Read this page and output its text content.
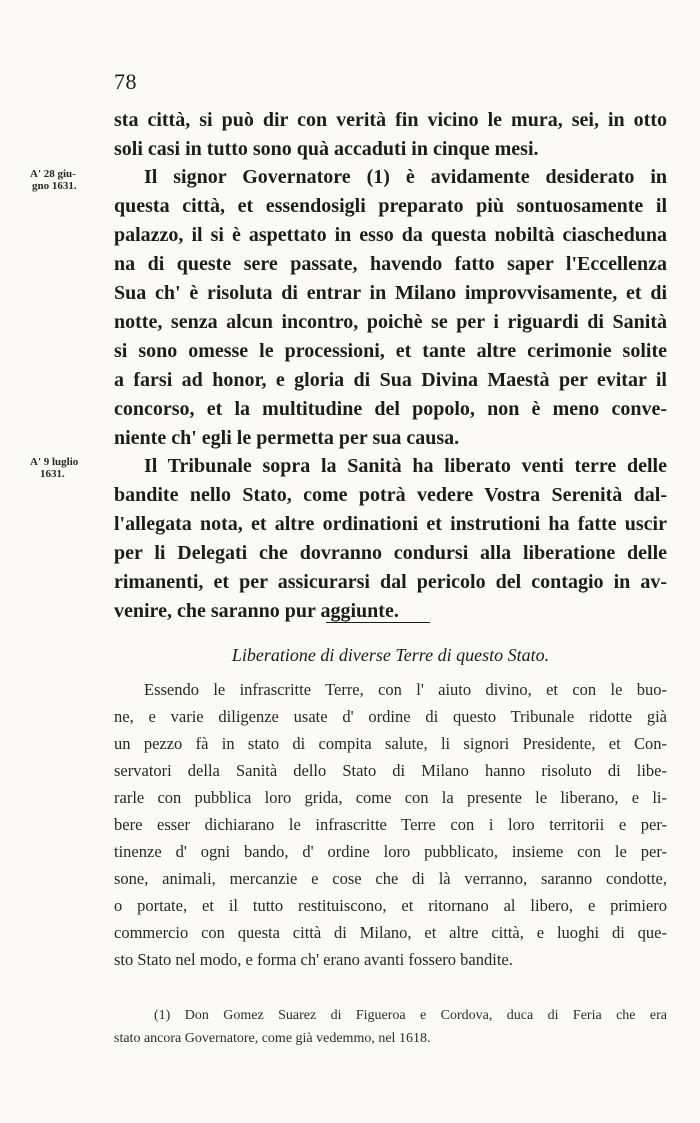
78
sta città, si può dir con verità fin vicino le mura, sei, in otto
soli casi in tutto sono quà accaduti in cinque mesi.
Il signor Governatore (1) è avidamente desiderato in
questa città, et essendosigli preparato più sontuosamente il
palazzo, il si è aspettato in esso da questa nobiltà ciascheduna
na di queste sere passate, havendo fatto saper l'Eccellenza
Sua ch' è risoluta di entrar in Milano improvvisamente, et di
notte, senza alcun incontro, poichè se per i riguardi di Sanità
si sono omesse le processioni, et tante altre cerimonie solite
a farsi ad honor, e gloria di Sua Divina Maestà per evitar il
concorso, et la multitudine del popolo, non è meno conve-
niente ch' egli le permetta per sua causa.
Il Tribunale sopra la Sanità ha liberato venti terre delle
bandite nello Stato, come potrà vedere Vostra Serenità dal-
l'allegata nota, et altre ordinationi et instrutioni ha fatte uscir
per li Delegati che dovranno condursi alla liberatione delle
rimanenti, et per assicurarsi dal pericolo del contagio in av-
venire, che saranno pur aggiunte.
A' 28 giu-
gno 1631.
A' 9 luglio
1631.
Liberatione di diverse Terre di questo Stato.
Essendo le infrascritte Terre, con l' aiuto divino, et con le buo-
ne, e varie diligenze usate d' ordine di questo Tribunale ridotte già
un pezzo fà in stato di compita salute, li signori Presidente, et Con-
servatori della Sanità dello Stato di Milano hanno risoluto di libe-
rarle con pubblica loro grida, come con la presente le liberano, e li-
bere esser dichiarano le infrascritte Terre con i loro territorii e per-
tinenze d' ogni bando, d' ordine loro pubblicato, insieme con le per-
sone, animali, mercanzie e cose che di là verranno, saranno condotte,
o portate, et il tutto restituiscono, et ritornano al libero, e primiero
commercio con questa città di Milano, et altre città, e luoghi di que-
sto Stato nel modo, e forma ch' erano avanti fossero bandite.
(1) Don Gomez Suarez di Figueroa e Cordova, duca di Feria che era
stato ancora Governatore, come già vedemmo, nel 1618.
